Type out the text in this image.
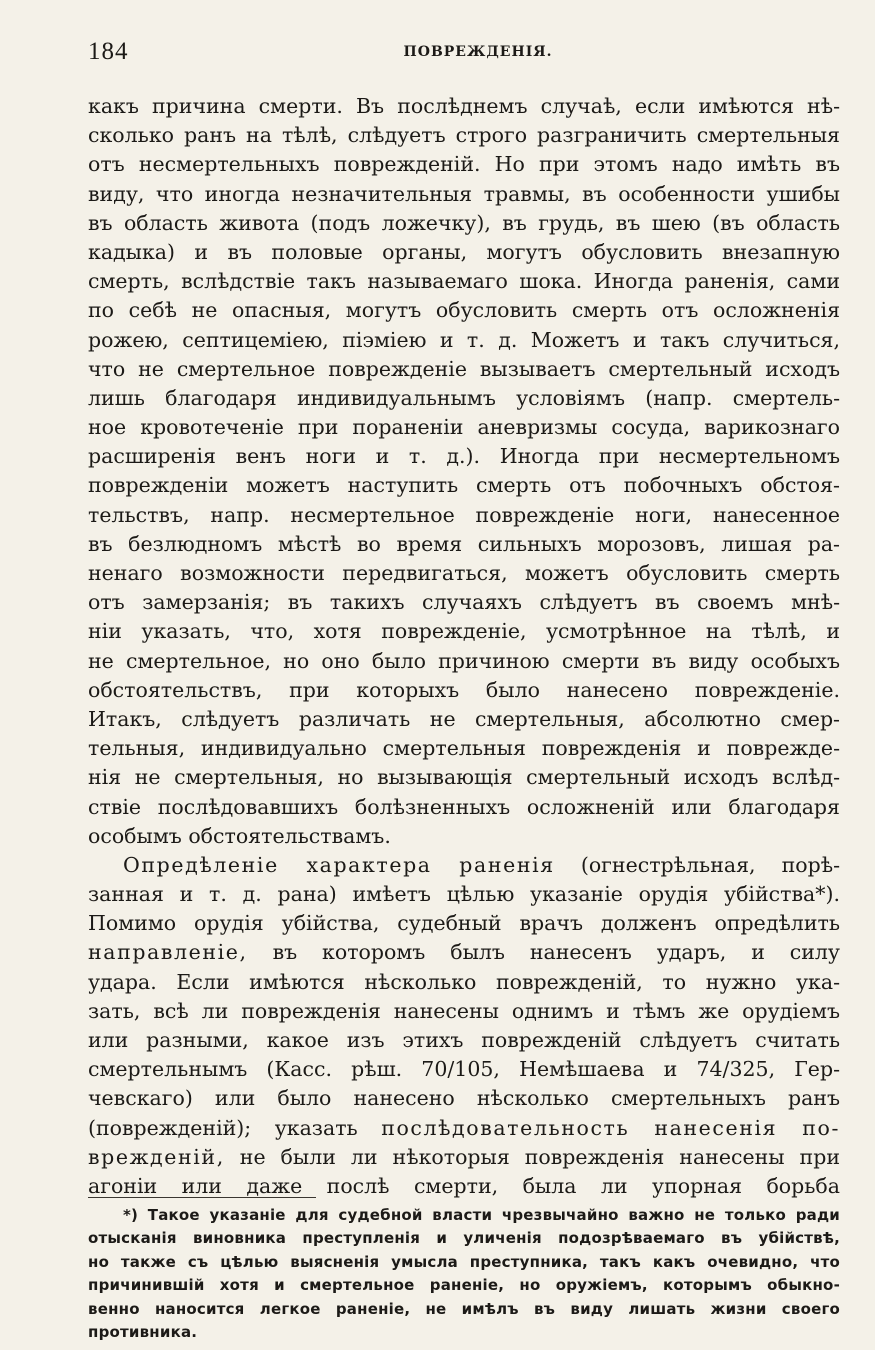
184	ПОВРЕЖДЕНІЯ.
какъ причина смерти. Въ послѣднемъ случаѣ, если имѣются нѣ-
сколько ранъ на тѣлѣ, слѣдуетъ строго разграничить смертельныя
отъ несмертельныхъ поврежденій. Но при этомъ надо имѣть въ
виду, что иногда незначительныя травмы, въ особенности ушибы
въ область живота (подъ ложечку), въ грудь, въ шею (въ область
кадыка) и въ половые органы, могутъ обусловить внезапную
смерть, вслѣдствіе такъ называемаго шока. Иногда раненія, сами
по себѣ не опасныя, могутъ обусловить смерть отъ осложненія
рожею, септицеміею, піэміею и т. д. Можетъ и такъ случиться,
что не смертельное поврежденіе вызываетъ смертельный исходъ
лишь благодаря индивидуальнымъ условіямъ (напр. смертель-
ное кровотеченіе при пораненіи аневризмы сосуда, варикознаго
расширенія венъ ноги и т. д.). Иногда при несмертельномъ
поврежденіи можетъ наступить смерть отъ побочныхъ обстоя-
тельствъ, напр. несмертельное поврежденіе ноги, нанесенное
въ безлюдномъ мѣстѣ во время сильныхъ морозовъ, лишая ра-
ненаго возможности передвигаться, можетъ обусловить смерть
отъ замерзанія; въ такихъ случаяхъ слѣдуетъ въ своемъ мнѣ-
ніи указать, что, хотя поврежденіе, усмотрѣнное на тѣлѣ, и
не смертельное, но оно было причиною смерти въ виду особыхъ
обстоятельствъ, при которыхъ было нанесено поврежденіе.
Итакъ, слѣдуетъ различать не смертельныя, абсолютно смер-
тельныя, индивидуально смертельныя поврежденія и поврежде-
нія не смертельныя, но вызывающія смертельный исходъ вслѣд-
ствіе послѣдовавшихъ болѣзненныхъ осложненій или благодаря
особымъ обстоятельствамъ.
Опредѣленіе характера раненія (огнестрѣльная, порѣ-
занная и т. д. рана) имѣетъ цѣлью указаніе орудія убійства*).
Помимо орудія убійства, судебный врачъ долженъ опредѣлить
направленіе, въ которомъ былъ нанесенъ ударъ, и силу
удара. Если имѣются нѣсколько поврежденій, то нужно ука-
зать, всѣ ли поврежденія нанесены однимъ и тѣмъ же орудіемъ
или разными, какое изъ этихъ поврежденій слѣдуетъ считать
смертельнымъ (Касс. рѣш. 70/105, Немѣшаева и 74/325, Гер-
чевскаго) или было нанесено нѣсколько смертельныхъ ранъ
(поврежденій); указать послѣдовательность нанесенія по-
врежденій, не были ли нѣкоторыя поврежденія нанесены при
агоніи или даже послѣ смерти, была ли упорная борьба
*) Такое указаніе для судебной власти чрезвычайно важно не только ради
отысканія виновника преступленія и уличенія подозрѣваемаго въ убійствѣ,
но также съ цѣлью выясненія умысла преступника, такъ какъ очевидно, что
причинившій хотя и смертельное раненіе, но оружіемъ, которымъ обыкно-
венно наносится легкое раненіе, не имѣлъ въ виду лишать жизни своего
противника.
